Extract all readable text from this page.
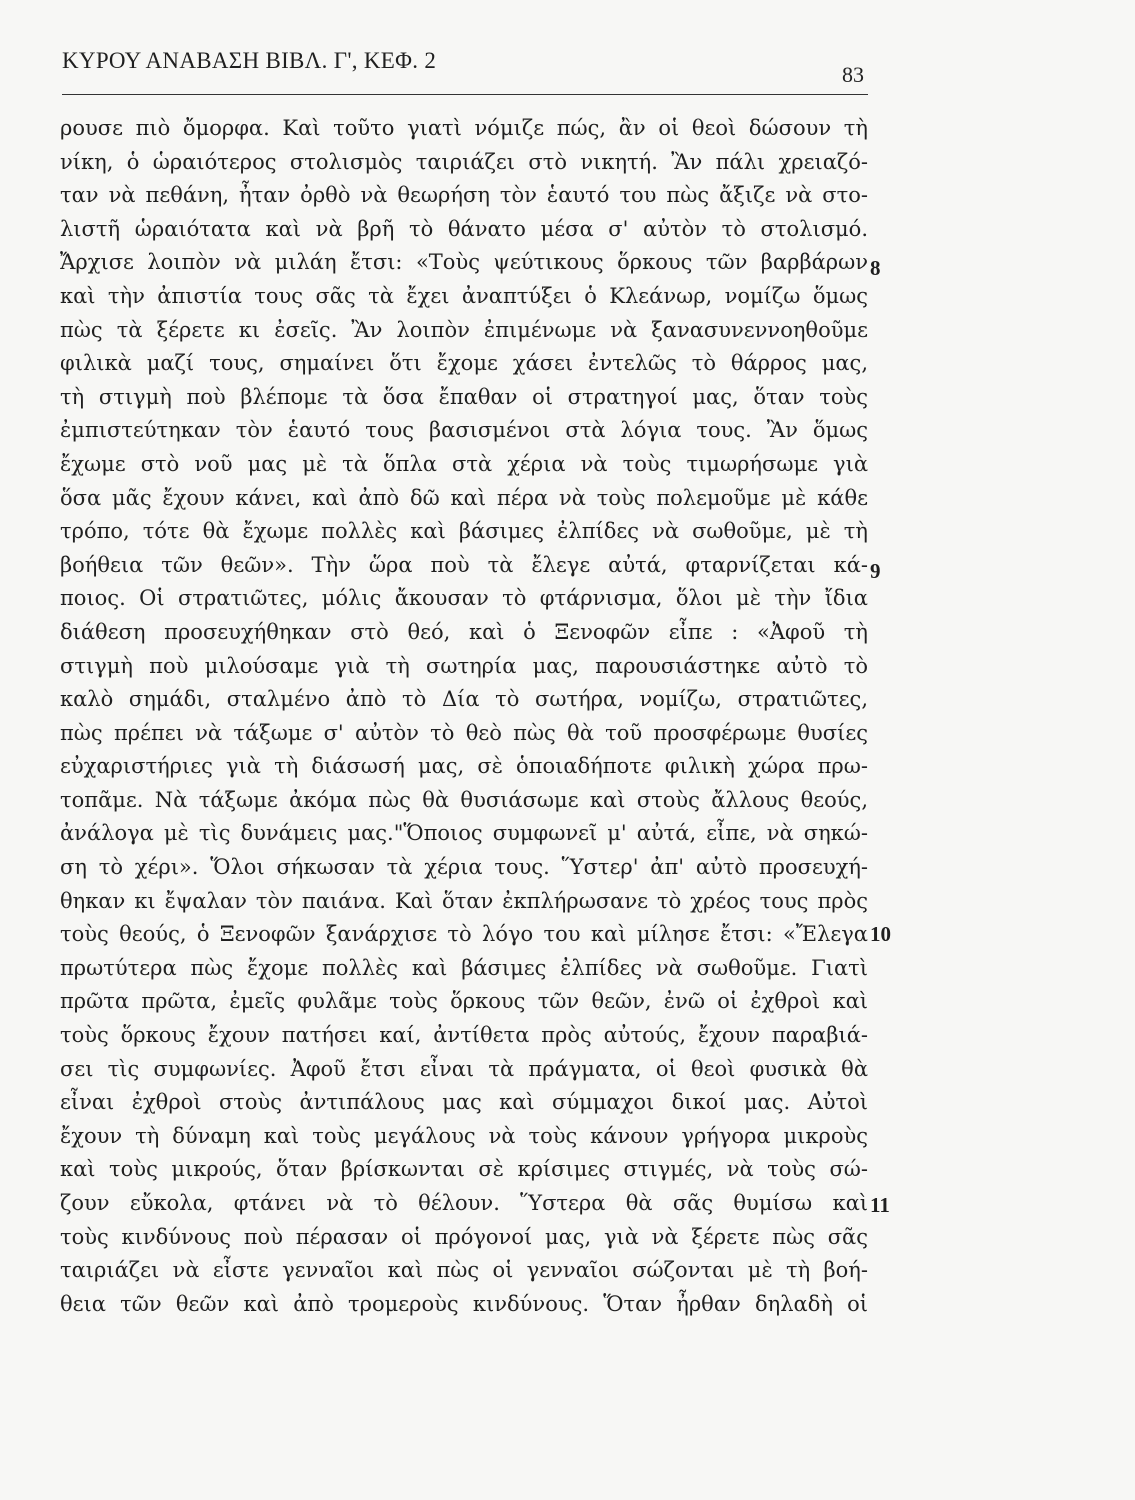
ΚΥΡΟΥ ΑΝΑΒΑΣΗ ΒΙΒΛ. Γ', ΚΕΦ. 2
83
ρουσε πιὸ ὄμορφα. Καὶ τοῦτο γιατὶ νόμιζε πώς, ἂν οἱ θεοὶ δώσουν τὴ
νίκη, ὁ ὡραιότερος στολισμὸς ταιριάζει στὸ νικητή. Ἂν πάλι χρειαζό-
ταν νὰ πεθάνη, ἦταν ὀρθὸ νὰ θεωρήση τὸν ἑαυτό του πὼς ἄξιζε νὰ στο-
λιστῆ ὡραιότατα καὶ νὰ βρῆ τὸ θάνατο μέσα σ' αὐτὸν τὸ στολισμό.
Ἄρχισε λοιπὸν νὰ μιλάη ἔτσι: «Τοὺς ψεύτικους ὅρκους τῶν βαρβάρων 8
καὶ τὴν ἀπιστία τους σᾶς τὰ ἔχει ἀναπτύξει ὁ Κλεάνωρ, νομίζω ὅμως
πὼς τὰ ξέρετε κι ἐσεῖς. Ἂν λοιπὸν ἐπιμένωμε νὰ ξανασυνεννοηθοῦμε
φιλικὰ μαζί τους, σημαίνει ὅτι ἔχομε χάσει ἐντελῶς τὸ θάρρος μας,
τὴ στιγμὴ ποὺ βλέπομε τὰ ὅσα ἔπαθαν οἱ στρατηγοί μας, ὅταν τοὺς
ἐμπιστεύτηκαν τὸν ἑαυτό τους βασισμένοι στὰ λόγια τους. Ἂν ὅμως
ἔχωμε στὸ νοῦ μας μὲ τὰ ὅπλα στὰ χέρια νὰ τοὺς τιμωρήσωμε γιὰ
ὅσα μᾶς ἔχουν κάνει, καὶ ἀπὸ δῶ καὶ πέρα νὰ τοὺς πολεμοῦμε μὲ κάθε
τρόπο, τότε θὰ ἔχωμε πολλὲς καὶ βάσιμες ἐλπίδες νὰ σωθοῦμε, μὲ τὴ
βοήθεια τῶν θεῶν». Τὴν ὥρα ποὺ τὰ ἔλεγε αὐτά, φταρνίζεται κά- 9
ποιος. Οἱ στρατιῶτες, μόλις ἄκουσαν τὸ φτάρνισμα, ὅλοι μὲ τὴν ἴδια
διάθεση προσευχήθηκαν στὸ θεό, καὶ ὁ Ξενοφῶν εἶπε : «Ἀφοῦ τὴ
στιγμὴ ποὺ μιλούσαμε γιὰ τὴ σωτηρία μας, παρουσιάστηκε αὐτὸ τὸ
καλὸ σημάδι, σταλμένο ἀπὸ τὸ Δία τὸ σωτήρα, νομίζω, στρατιῶτες,
πὼς πρέπει νὰ τάξωμε σ' αὐτὸν τὸ θεὸ πὼς θὰ τοῦ προσφέρωμε θυσίες
εὐχαριστήριες γιὰ τὴ διάσωσή μας, σὲ ὁποιαδήποτε φιλικὴ χώρα πρω-
τοπᾶμε. Νὰ τάξωμε ἀκόμα πὼς θὰ θυσιάσωμε καὶ στοὺς ἄλλους θεούς,
ἀνάλογα μὲ τὶς δυνάμεις μας."Ὅποιος συμφωνεῖ μ' αὐτά, εἶπε, νὰ σηκώ-
ση τὸ χέρι». Ὅλοι σήκωσαν τὰ χέρια τους. Ὕστερ' ἀπ' αὐτὸ προσευχή-
θηκαν κι ἔψαλαν τὸν παιάνα. Καὶ ὅταν ἐκπλήρωσανε τὸ χρέος τους πρὸς
τοὺς θεούς, ὁ Ξενοφῶν ξανάρχισε τὸ λόγο του καὶ μίλησε ἔτσι: «Ἔλεγα 10
πρωτύτερα πὼς ἔχομε πολλὲς καὶ βάσιμες ἐλπίδες νὰ σωθοῦμε. Γιατὶ
πρῶτα πρῶτα, ἐμεῖς φυλᾶμε τοὺς ὅρκους τῶν θεῶν, ἐνῶ οἱ ἐχθροὶ καὶ
τοὺς ὅρκους ἔχουν πατήσει καί, ἀντίθετα πρὸς αὐτούς, ἔχουν παραβιά-
σει τὶς συμφωνίες. Ἀφοῦ ἔτσι εἶναι τὰ πράγματα, οἱ θεοὶ φυσικὰ θὰ
εἶναι ἐχθροὶ στοὺς ἀντιπάλους μας καὶ σύμμαχοι δικοί μας. Αὐτοὶ
ἔχουν τὴ δύναμη καὶ τοὺς μεγάλους νὰ τοὺς κάνουν γρήγορα μικροὺς
καὶ τοὺς μικρούς, ὅταν βρίσκωνται σὲ κρίσιμες στιγμές, νὰ τοὺς σώ-
ζουν εὔκολα, φτάνει νὰ τὸ θέλουν. Ὕστερα θὰ σᾶς θυμίσω καὶ 11
τοὺς κινδύνους ποὺ πέρασαν οἱ πρόγονοί μας, γιὰ νὰ ξέρετε πὼς σᾶς
ταιριάζει νὰ εἶστε γενναῖοι καὶ πὼς οἱ γενναῖοι σώζονται μὲ τὴ βοή-
θεια τῶν θεῶν καὶ ἀπὸ τρομεροὺς κινδύνους. Ὅταν ἦρθαν δηλαδὴ οἱ
